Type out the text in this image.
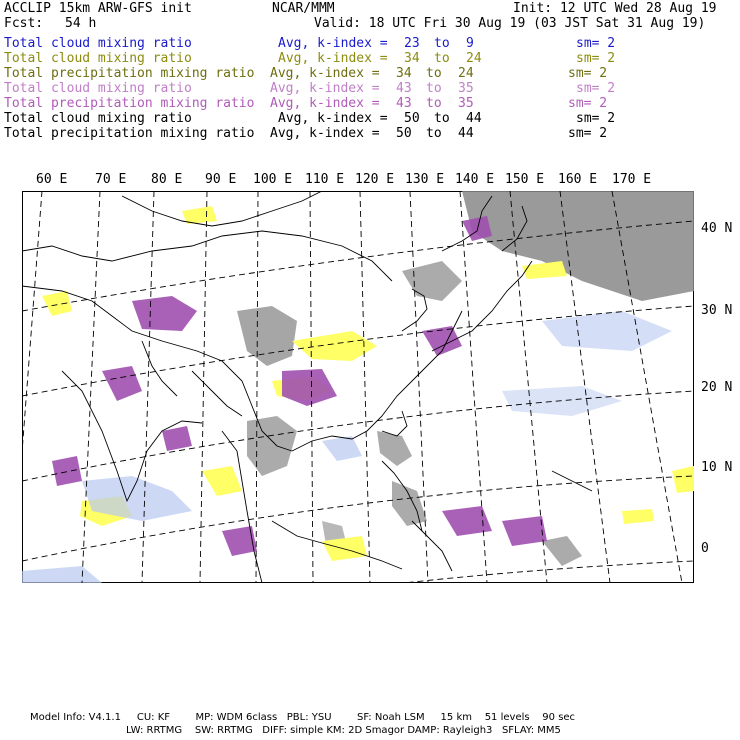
ACCLIP 15km ARW-GFS init	NCAR/MMM	Init: 12 UTC Wed 28 Aug 19
Fcst: 54 h	Valid: 18 UTC Fri 30 Aug 19 (03 JST Sat 31 Aug 19)
Total cloud mixing ratio	Avg, k-index = 23 to 9	sm= 2
Total cloud mixing ratio	Avg, k-index = 34 to 24	sm= 2
Total precipitation mixing ratio Avg, k-index = 34 to 24	sm= 2
Total cloud mixing ratio	Avg, k-index = 43 to 35	sm= 2
Total precipitation mixing ratio Avg, k-index = 43 to 35	sm= 2
Total cloud mixing ratio	Avg, k-index = 50 to 44	sm= 2
Total precipitation mixing ratio Avg, k-index = 50 to 44	sm= 2
60 E 70 E 80 E 90 E 100 E 110 E 120 E 130 E 140 E 150 E 160 E 170 E
40 N
30 N
20 N
10 N
0
Model Info: V4.1.1     CU: KF        MP: WDM 6class   PBL: YSU        SF: Noah LSM     15 km    51 levels    90 sec
LW: RRTMG    SW: RRTMG   DIFF: simple KM: 2D Smagor DAMP: Rayleigh3   SFLAY: MM5
